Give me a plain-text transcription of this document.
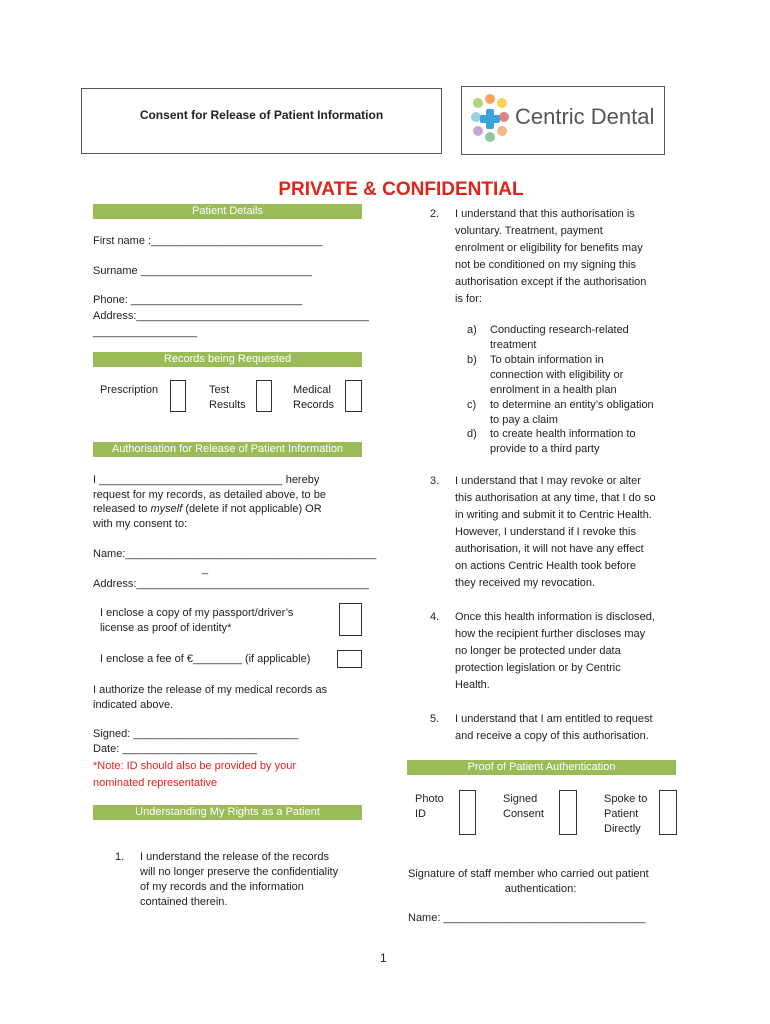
Consent for Release of Patient Information	Centric Dental
PRIVATE & CONFIDENTIAL
Patient Details
First name :____________________________
Surname ____________________________
Phone: ____________________________
Address:______________________________________
_________________
Records being Requested
Prescription	Test
Results
Medical
Records
Authorisation for Release of Patient Information
I ______________________________ hereby
request for my records, as detailed above, to be
released to myself (delete if not applicable) OR
with my consent to:
Name:_________________________________________
_
Address:______________________________________
I enclose a copy of my passport/driver’s
license as proof of identity*
I enclose a fee of €________ (if applicable)
I authorize the release of my medical records as
indicated above.
Signed: ___________________________
Date: ______________________
*Note: ID should also be provided by your
nominated representative
Understanding My Rights as a Patient
1. I understand the release of the records
will no longer preserve the confidentiality
of my records and the information
contained therein.
2. I understand that this authorisation is
voluntary. Treatment, payment
enrolment or eligibility for benefits may
not be conditioned on my signing this
authorisation except if the authorisation
is for:
a) Conducting research-related
treatment
b) To obtain information in
connection with eligibility or
enrolment in a health plan
c) to determine an entity’s obligation
to pay a claim
d) to create health information to
provide to a third party
3. I understand that I may revoke or alter
this authorisation at any time, that I do so
in writing and submit it to Centric Health.
However, I understand if I revoke this
authorisation, it will not have any effect
on actions Centric Health took before
they received my revocation.
4. Once this health information is disclosed,
how the recipient further discloses may
no longer be protected under data
protection legislation or by Centric
Health.
5. I understand that I am entitled to request
and receive a copy of this authorisation.
Proof of Patient Authentication
Photo
ID
Signed
Consent
Spoke to
Patient
Directly
Signature of staff member who carried out patient
authentication:
Name: _________________________________
1
